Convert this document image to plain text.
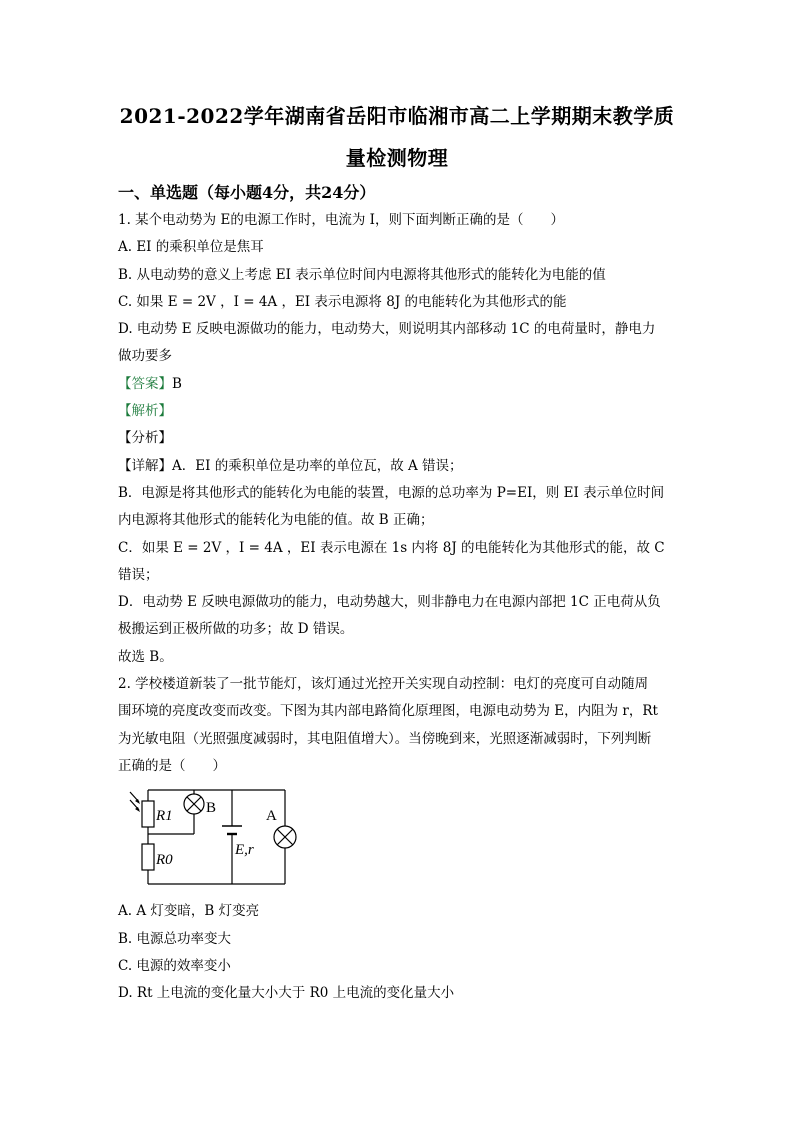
2021-2022学年湖南省岳阳市临湘市高二上学期期末教学质
量检测物理
一、单选题（每小题4分，共24分）

1. 某个电动势为 E的电源工作时，电流为 I，则下面判断正确的是（　　）

A. EI 的乘积单位是焦耳

B. 从电动势的意义上考虑 EI 表示单位时间内电源将其他形式的能转化为电能的值

C. 如果 E = 2V ，I = 4A ，EI 表示电源将 8J 的电能转化为其他形式的能

D. 电动势 E 反映电源做功的能力，电动势大，则说明其内部移动 1C 的电荷量时，静电力

做功要多

【答案】B

【解析】

【分析】

【详解】A．EI 的乘积单位是功率的单位瓦，故 A 错误；

B．电源是将其他形式的能转化为电能的装置，电源的总功率为 P=EI，则 EI 表示单位时间

内电源将其他形式的能转化为电能的值。故 B 正确；

C．如果 E = 2V ，I = 4A ，EI 表示电源在 1s 内将 8J 的电能转化为其他形式的能，故 C

错误；

D．电动势 E 反映电源做功的能力，电动势越大，则非静电力在电源内部把 1C 正电荷从负

极搬运到正极所做的功多；故 D 错误。

故选 B。

2. 学校楼道新装了一批节能灯，该灯通过光控开关实现自动控制：电灯的亮度可自动随周

围环境的亮度改变而改变。下图为其内部电路简化原理图，电源电动势为 E，内阻为 r，Rt

为光敏电阻（光照强度减弱时，其电阻值增大）。当傍晚到来，光照逐渐减弱时，下列判断

正确的是（　　）

R1
R0
B	A
E,r

A. A 灯变暗，B 灯变亮

B. 电源总功率变大

C. 电源的效率变小

D. Rt 上电流的变化量大小大于 R0 上电流的变化量大小
